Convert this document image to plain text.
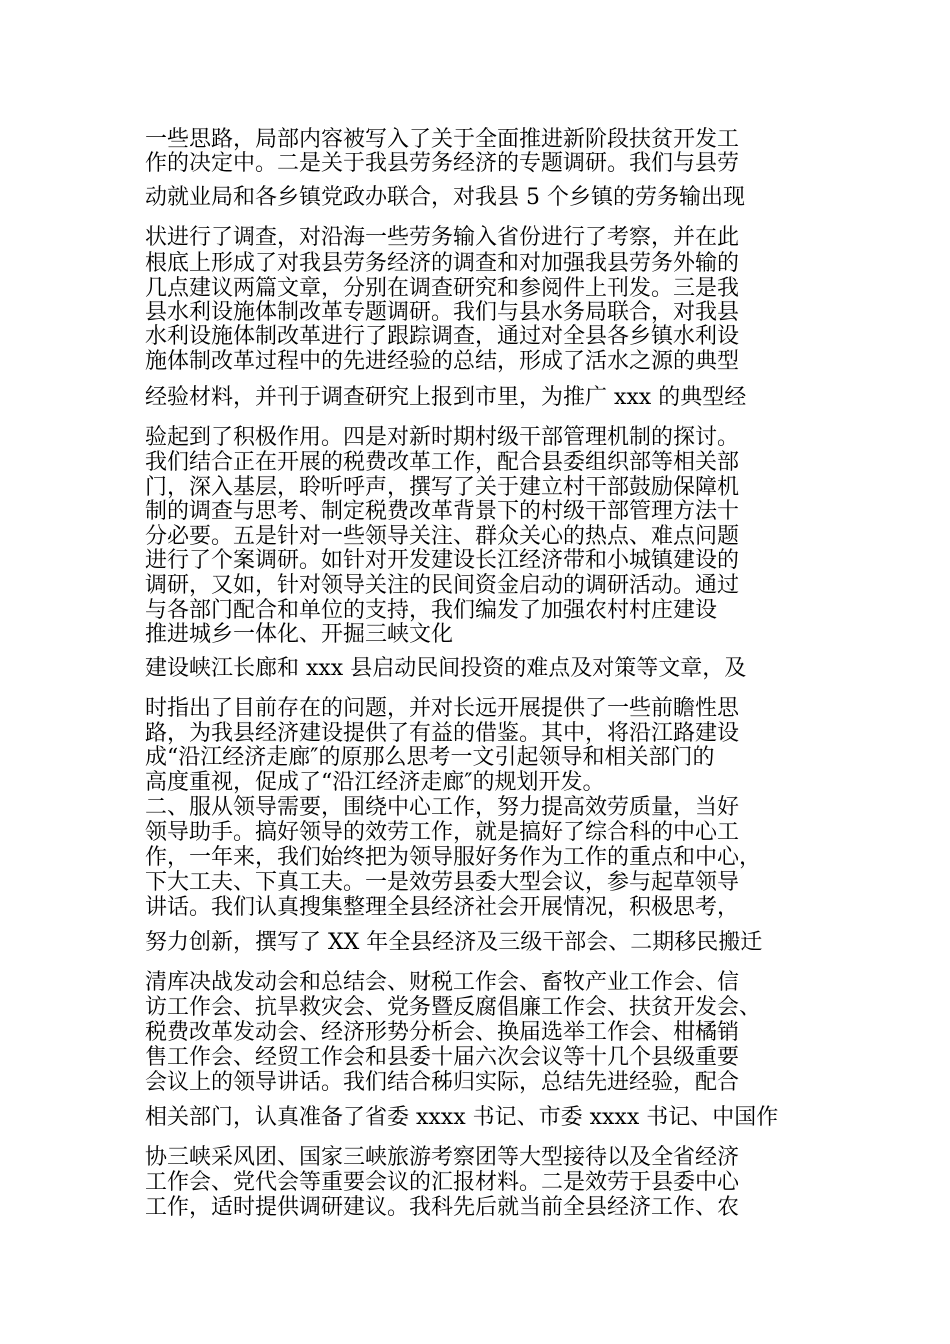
一些思路，局部内容被写入了关于全面推进新阶段扶贫开发工
作的决定中。二是关于我县劳务经济的专题调研。我们与县劳
动就业局和各乡镇党政办联合，对我县 5 个乡镇的劳务输出现
状进行了调查，对沿海一些劳务输入省份进行了考察，并在此
根底上形成了对我县劳务经济的调查和对加强我县劳务外输的
几点建议两篇文章，分别在调查研究和参阅件上刊发。三是我
县水利设施体制改革专题调研。我们与县水务局联合，对我县
水利设施体制改革进行了跟踪调查，通过对全县各乡镇水利设
施体制改革过程中的先进经验的总结，形成了活水之源的典型
经验材料，并刊于调查研究上报到市里，为推广 xxx 的典型经
验起到了积极作用。四是对新时期村级干部管理机制的探讨。
我们结合正在开展的税费改革工作，配合县委组织部等相关部
门，深入基层，聆听呼声，撰写了关于建立村干部鼓励保障机
制的调查与思考、制定税费改革背景下的村级干部管理方法十
分必要。五是针对一些领导关注、群众关心的热点、难点问题
进行了个案调研。如针对开发建设长江经济带和小城镇建设的
调研，又如，针对领导关注的民间资金启动的调研活动。通过
与各部门配合和单位的支持，我们编发了加强农村村庄建设
推进城乡一体化、开掘三峡文化
建设峡江长廊和 xxx 县启动民间投资的难点及对策等文章，及
时指出了目前存在的问题，并对长远开展提供了一些前瞻性思
路，为我县经济建设提供了有益的借鉴。其中，将沿江路建设
成“沿江经济走廊″的原那么思考一文引起领导和相关部门的
高度重视，促成了“沿江经济走廊″的规划开发。
二、服从领导需要，围绕中心工作，努力提高效劳质量，当好
领导助手。搞好领导的效劳工作，就是搞好了综合科的中心工
作，一年来，我们始终把为领导服好务作为工作的重点和中心，
下大工夫、下真工夫。一是效劳县委大型会议，参与起草领导
讲话。我们认真搜集整理全县经济社会开展情况，积极思考，
努力创新，撰写了 XX 年全县经济及三级干部会、二期移民搬迁
清库决战发动会和总结会、财税工作会、畜牧产业工作会、信
访工作会、抗旱救灾会、党务暨反腐倡廉工作会、扶贫开发会、
税费改革发动会、经济形势分析会、换届选举工作会、柑橘销
售工作会、经贸工作会和县委十届六次会议等十几个县级重要
会议上的领导讲话。我们结合秭归实际，总结先进经验，配合
相关部门，认真准备了省委 xxxx 书记、市委 xxxx 书记、中国作
协三峡采风团、国家三峡旅游考察团等大型接待以及全省经济
工作会、党代会等重要会议的汇报材料。二是效劳于县委中心
工作，适时提供调研建议。我科先后就当前全县经济工作、农
